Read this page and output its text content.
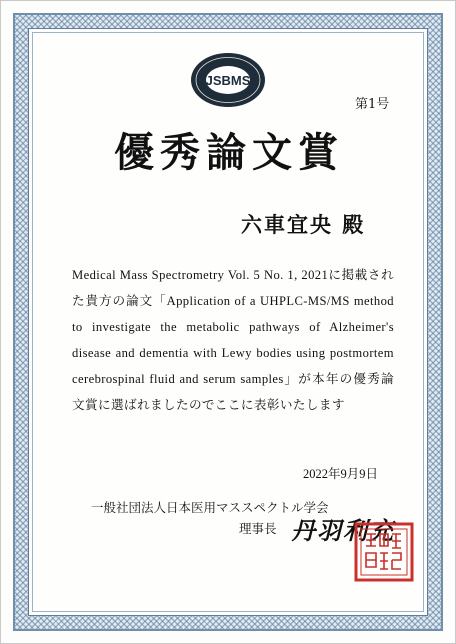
JSBMS
第1号
優秀論文賞
六車宜央 殿
Medical Mass Spectrometry Vol. 5 No. 1, 2021に掲載された貴方の論文「Application of a UHPLC-MS/MS method to investigate the metabolic pathways of Alzheimer's disease and dementia with Lewy bodies using postmortem cerebrospinal fluid and serum samples」が本年の優秀論文賞に選ばれましたのでここに表彰いたします
2022年9月9日
一般社団法人日本医用マススペクトル学会
理事長 丹羽利充
